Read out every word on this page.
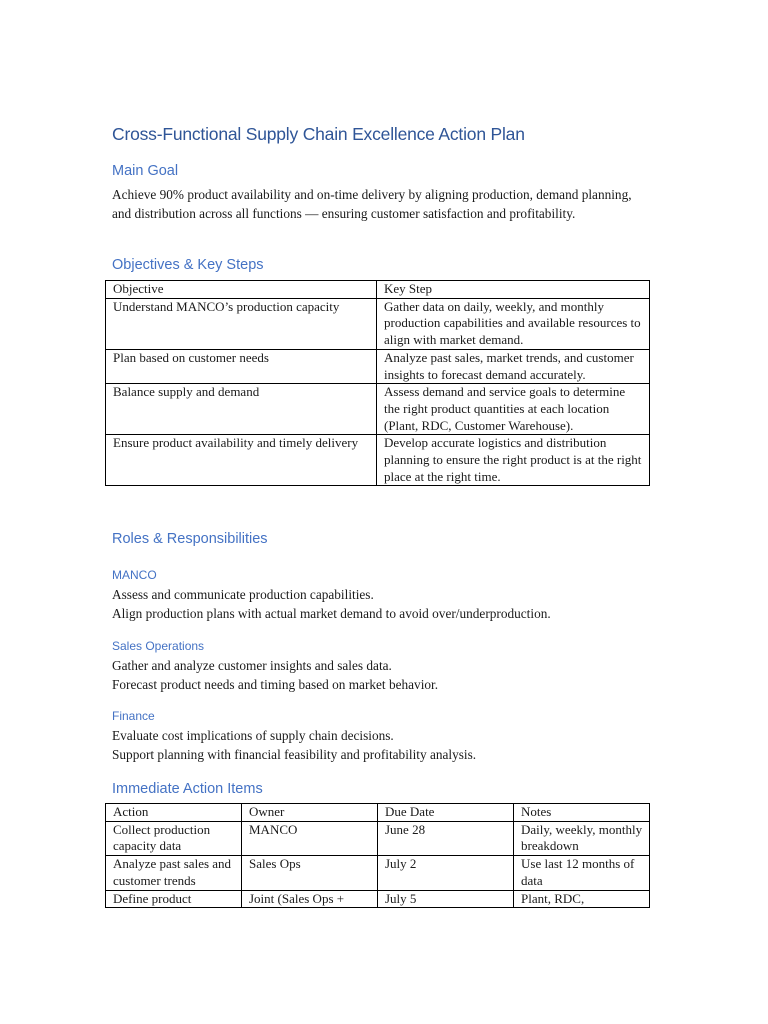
Cross-Functional Supply Chain Excellence Action Plan
Main Goal
Achieve 90% product availability and on-time delivery by aligning production, demand planning, and distribution across all functions — ensuring customer satisfaction and profitability.
Objectives & Key Steps
Objective	Key Step
Understand MANCO’s production capacity	Gather data on daily, weekly, and monthly production capabilities and available resources to align with market demand.
Plan based on customer needs	Analyze past sales, market trends, and customer insights to forecast demand accurately.
Balance supply and demand	Assess demand and service goals to determine the right product quantities at each location (Plant, RDC, Customer Warehouse).
Ensure product availability and timely delivery	Develop accurate logistics and distribution planning to ensure the right product is at the right place at the right time.
Roles & Responsibilities
MANCO
Assess and communicate production capabilities.
Align production plans with actual market demand to avoid over/underproduction.
Sales Operations
Gather and analyze customer insights and sales data.
Forecast product needs and timing based on market behavior.
Finance
Evaluate cost implications of supply chain decisions.
Support planning with financial feasibility and profitability analysis.
Immediate Action Items
Action	Owner	Due Date	Notes
Collect production capacity data	MANCO	June 28	Daily, weekly, monthly breakdown
Analyze past sales and customer trends	Sales Ops	July 2	Use last 12 months of data
Define product	Joint (Sales Ops +	July 5	Plant, RDC,
